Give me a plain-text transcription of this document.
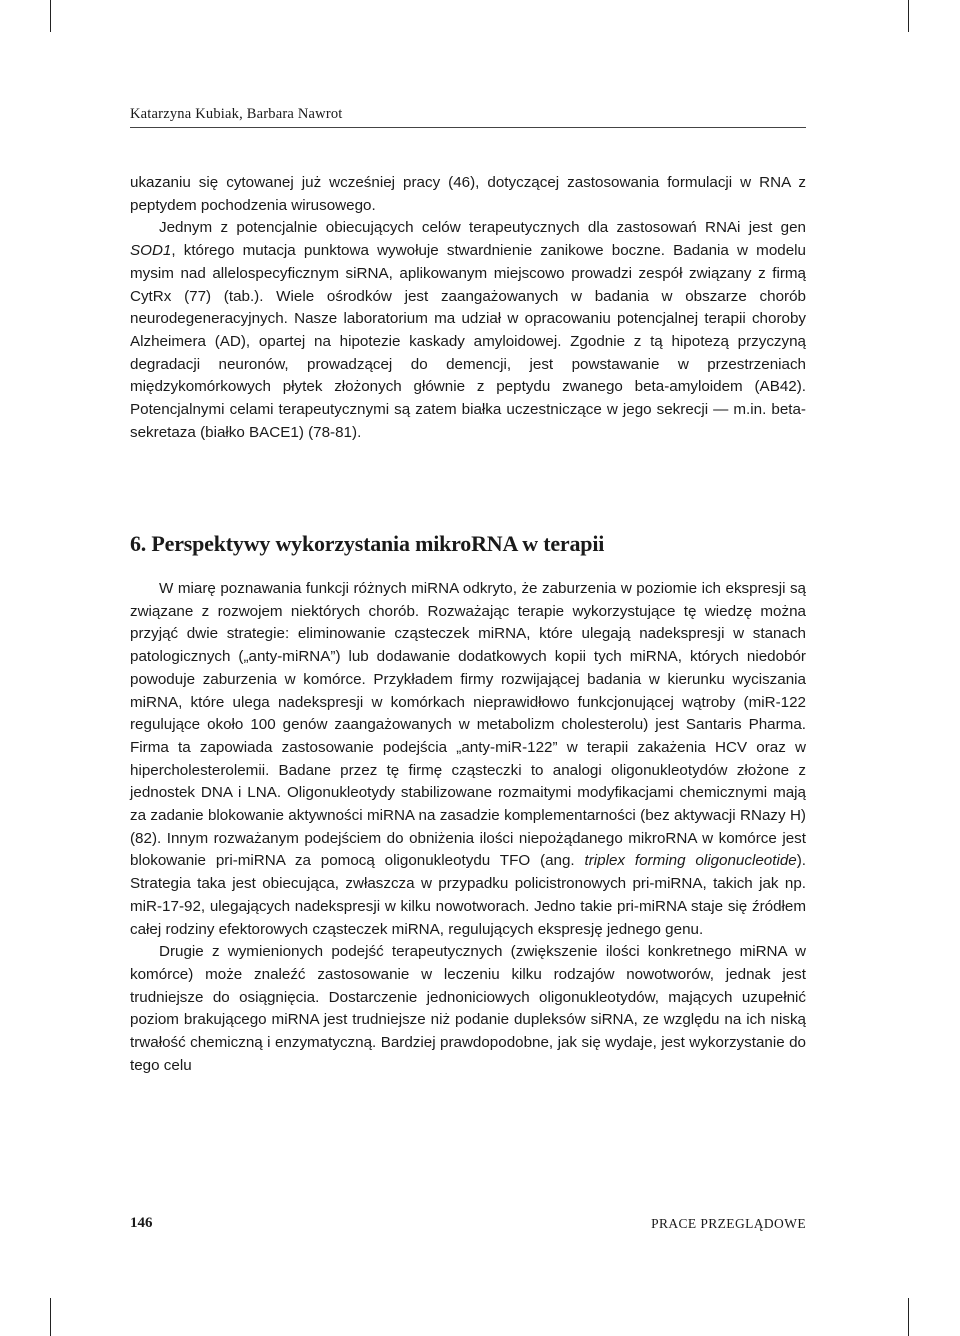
Katarzyna Kubiak, Barbara Nawrot

ukazaniu się cytowanej już wcześniej pracy (46), dotyczącej zastosowania formulacji w RNA z peptydem pochodzenia wirusowego.

Jednym z potencjalnie obiecujących celów terapeutycznych dla zastosowań RNAi jest gen SOD1, którego mutacja punktowa wywołuje stwardnienie zanikowe boczne. Badania w modelu mysim nad allelospecyficznym siRNA, aplikowanym miejscowo prowadzi zespół związany z firmą CytRx (77) (tab.). Wiele ośrodków jest zaangażowanych w badania w obszarze chorób neurodegeneracyjnych. Nasze laboratorium ma udział w opracowaniu potencjalnej terapii choroby Alzheimera (AD), opartej na hipotezie kaskady amyloidowej. Zgodnie z tą hipotezą przyczyną degradacji neuronów, prowadzącej do demencji, jest powstawanie w przestrzeniach międzykomórkowych płytek złożonych głównie z peptydu zwanego beta-amyloidem (AB42). Potencjalnymi celami terapeutycznymi są zatem białka uczestniczące w jego sekrecji — m.in. beta-sekretaza (białko BACE1) (78-81).

6. Perspektywy wykorzystania mikroRNA w terapii

W miarę poznawania funkcji różnych miRNA odkryto, że zaburzenia w poziomie ich ekspresji są związane z rozwojem niektórych chorób. Rozważając terapie wykorzystujące tę wiedzę można przyjąć dwie strategie: eliminowanie cząsteczek miRNA, które ulegają nadekspresji w stanach patologicznych („anty-miRNA”) lub dodawanie dodatkowych kopii tych miRNA, których niedobór powoduje zaburzenia w komórce. Przykładem firmy rozwijającej badania w kierunku wyciszania miRNA, które ulega nadekspresji w komórkach nieprawidłowo funkcjonującej wątroby (miR-122 regulujące około 100 genów zaangażowanych w metabolizm cholesterolu) jest Santaris Pharma. Firma ta zapowiada zastosowanie podejścia „anty-miR-122” w terapii zakażenia HCV oraz w hipercholesterolemii. Badane przez tę firmę cząsteczki to analogi oligonukleotydów złożone z jednostek DNA i LNA. Oligonukleotydy stabilizowane rozmaitymi modyfikacjami chemicznymi mają za zadanie blokowanie aktywności miRNA na zasadzie komplementarności (bez aktywacji RNazy H) (82). Innym rozważanym podejściem do obniżenia ilości niepożądanego mikroRNA w komórce jest blokowanie pri-miRNA za pomocą oligonukleotydu TFO (ang. triplex forming oligonucleotide). Strategia taka jest obiecująca, zwłaszcza w przypadku policistronowych pri-miRNA, takich jak np. miR-17-92, ulegających nadekspresji w kilku nowotworach. Jedno takie pri-miRNA staje się źródłem całej rodziny efektorowych cząsteczek miRNA, regulujących ekspresję jednego genu.

Drugie z wymienionych podejść terapeutycznych (zwiększenie ilości konkretnego miRNA w komórce) może znaleźć zastosowanie w leczeniu kilku rodzajów nowotworów, jednak jest trudniejsze do osiągnięcia. Dostarczenie jednoniciowych oligonukleotydów, mających uzupełnić poziom brakującego miRNA jest trudniejsze niż podanie dupleksów siRNA, ze względu na ich niską trwałość chemiczną i enzymatyczną. Bardziej prawdopodobne, jak się wydaje, jest wykorzystanie do tego celu

146	PRACE PRZEGLĄDOWE
